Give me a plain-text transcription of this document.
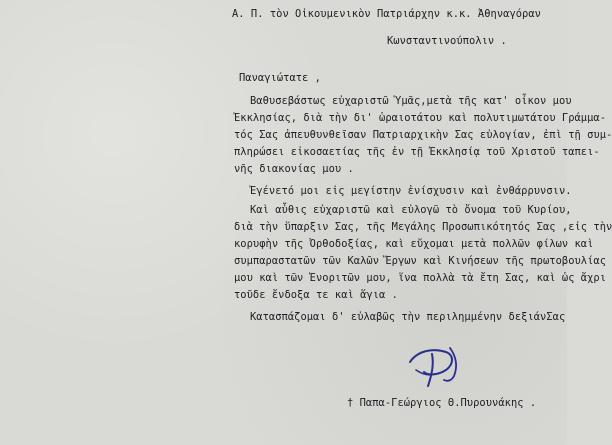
Α. Π. τὸν Οἰκουμενικὸν Πατριάρχην κ.κ. Ἀθηναγόραν
Κωνσταντινούπολιν .
Παναγιώτατε ,
Βαθυσεβάστως εὐχαριστῶ Ὑμᾶς,μετὰ τῆς κατ' οἶκον μου
Ἐκκλησίας, διὰ τὴν δι' ὡραιοτάτου καὶ πολυτιμωτάτου Γράμμα-
τός Σας ἀπευθυνθεῖσαν Πατριαρχικὴν Σας εὐλογίαν, ἐπὶ τῇ συμ-
πληρώσει εἰκοσαετίας τῆς ἐν τῇ Ἐκκλησίᾳ τοῦ Χριστοῦ ταπει-
νῆς διακονίας μου .
Ἐγένετό μοι εἰς μεγίστην ἐνίσχυσιν καὶ ἐνθάρρυνσιν.
Καὶ αὖθις εὐχαριστῶ καὶ εὐλογῶ τὸ ὄνομα τοῦ Κυρίου,
διὰ τὴν ὕπαρξιν Σας, τῆς Μεγάλης Προσωπικότητός Σας ,εἰς τὴν
κορυφὴν τῆς Ὀρθοδοξίας, καὶ εὔχομαι μετὰ πολλῶν φίλων καὶ
συμπαραστατῶν τῶν Καλῶν Ἔργων καὶ Κινήσεων τῆς πρωτοβουλίας
μου καὶ τῶν Ἐνοριτῶν μου, ἵνα πολλὰ τὰ ἔτη Σας, καὶ ὡς ἄχρι
τοῦδε ἔνδοξα τε καὶ ἅγια .
Κατασπάζομαι δ' εὐλαβῶς τὴν περιλημμένην δεξιάνΣας
† Παπα-Γεώργιος Θ.Πυρουνάκης .
